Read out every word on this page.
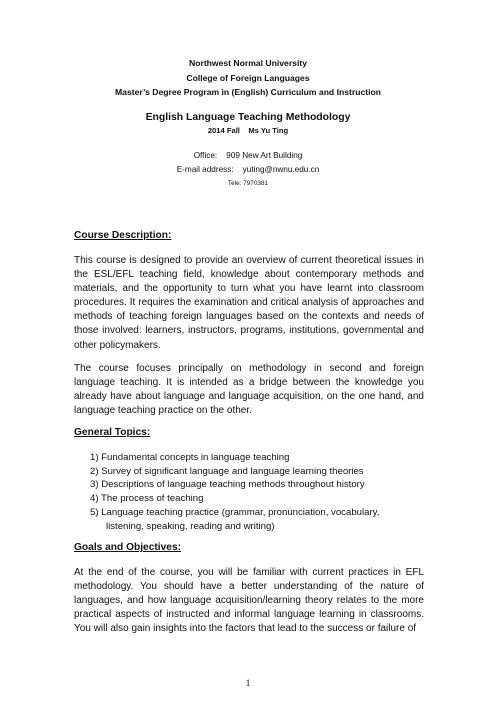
Northwest Normal University
College of Foreign Languages
Master’s Degree Program in (English) Curriculum and Instruction
English Language Teaching Methodology
2014 Fall    Ms Yu Ting
Office:    909 New Art Building
E-mail address:    yuting@nwnu.edu.cn
Tele: 7970381
Course Description:

This course is designed to provide an overview of current theoretical issues in the ESL/EFL teaching field, knowledge about contemporary methods and materials, and the opportunity to turn what you have learnt into classroom procedures. It requires the examination and critical analysis of approaches and methods of teaching foreign languages based on the contexts and needs of those involved: learners, instructors, programs, institutions, governmental and other policymakers.

The course focuses principally on methodology in second and foreign language teaching. It is intended as a bridge between the knowledge you already have about language and language acquisition, on the one hand, and language teaching practice on the other.

General Topics:
1) Fundamental concepts in language teaching
2) Survey of significant language and language learning theories
3) Descriptions of language teaching methods throughout history
4) The process of teaching
5) Language teaching practice (grammar, pronunciation, vocabulary,
listening, speaking, reading and writing)
Goals and Objectives:

At the end of the course, you will be familiar with current practices in EFL methodology. You should have a better understanding of the nature of languages, and how language acquisition/learning theory relates to the more practical aspects of instructed and informal language learning in classrooms. You will also gain insights into the factors that lead to the success or failure of

1
